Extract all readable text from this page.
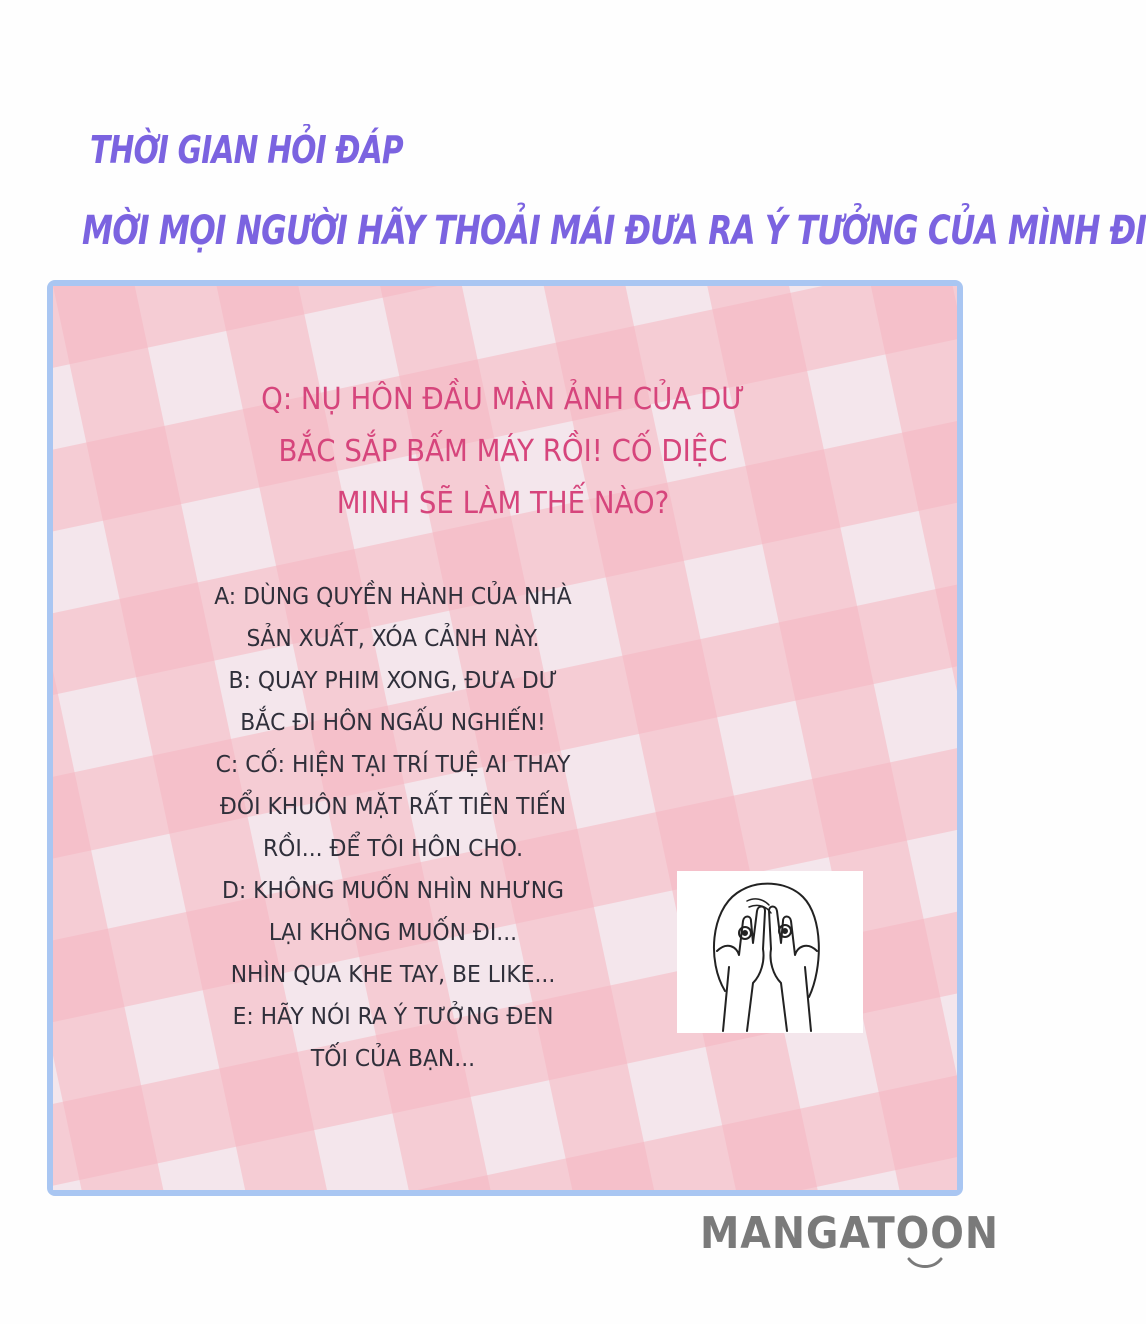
THỜI GIAN HỎI ĐÁP
MỜI MỌI NGƯỜI HÃY THOẢI MÁI ĐƯA RA Ý TƯỞNG CỦA MÌNH ĐI
Q: NỤ HÔN ĐẦU MÀN ẢNH CỦA DƯ
BẮC SẮP BẤM MÁY RỒI! CỐ DIỆC
MINH SẼ LÀM THẾ NÀO?
A: DÙNG QUYỀN HÀNH CỦA NHÀ
SẢN XUẤT, XÓA CẢNH NÀY.
B: QUAY PHIM XONG, ĐƯA DƯ
BẮC ĐI HÔN NGẤU NGHIẾN!
C: CỐ: HIỆN TẠI TRÍ TUỆ AI THAY
ĐỔI KHUÔN MẶT RẤT TIÊN TIẾN
RỒI... ĐỂ TÔI HÔN CHO.
D: KHÔNG MUỐN NHÌN NHƯNG
LẠI KHÔNG MUỐN ĐI...
NHÌN QUA KHE TAY, BE LIKE...
E: HÃY NÓI RA Ý TƯỞNG ĐEN
TỐI CỦA BẠN...
MANGATOON
